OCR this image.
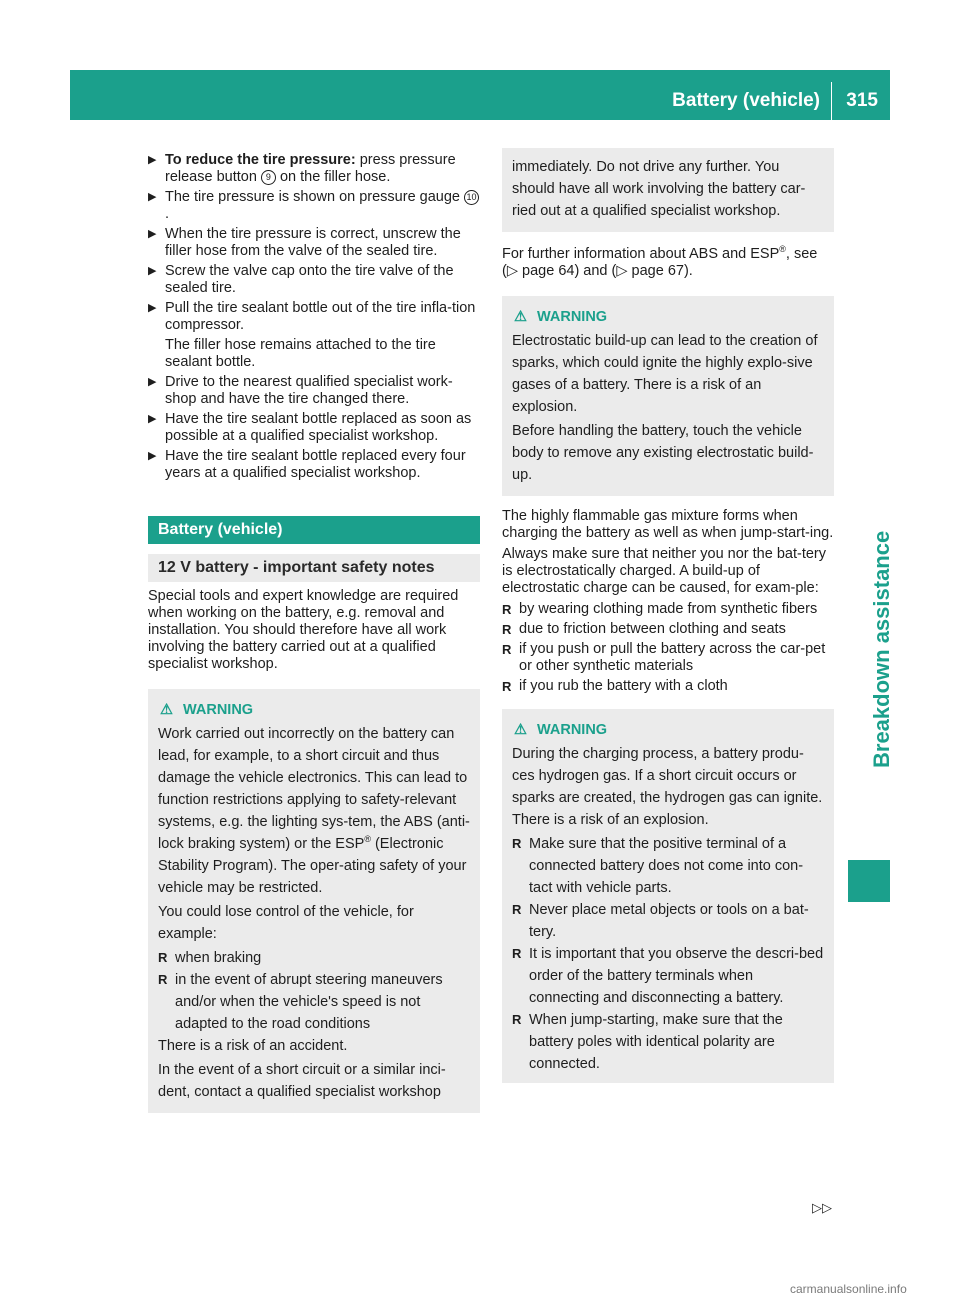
Battery (vehicle) 315
Breakdown assistance
▶ To reduce the tire pressure: press pressure release button 9 on the filler hose.
▶ The tire pressure is shown on pressure gauge 10.
▶ When the tire pressure is correct, unscrew the filler hose from the valve of the sealed tire.
▶ Screw the valve cap onto the tire valve of the sealed tire.
▶ Pull the tire sealant bottle out of the tire infla-tion compressor.
The filler hose remains attached to the tire sealant bottle.
▶ Drive to the nearest qualified specialist work-shop and have the tire changed there.
▶ Have the tire sealant bottle replaced as soon as possible at a qualified specialist workshop.
▶ Have the tire sealant bottle replaced every four years at a qualified specialist workshop.
Battery (vehicle)
12 V battery - important safety notes

Special tools and expert knowledge are required when working on the battery, e.g. removal and installation. You should therefore have all work involving the battery carried out at a qualified specialist workshop.

⚠ WARNING

Work carried out incorrectly on the battery can lead, for example, to a short circuit and thus damage the vehicle electronics. This can lead to function restrictions applying to safety-relevant systems, e.g. the lighting sys-tem, the ABS (anti-lock braking system) or the ESP® (Electronic Stability Program). The oper-ating safety of your vehicle may be restricted.

You could lose control of the vehicle, for example:

R when braking
R in the event of abrupt steering maneuvers and/or when the vehicle's speed is not adapted to the road conditions

There is a risk of an accident.

In the event of a short circuit or a similar inci-dent, contact a qualified specialist workshop

immediately. Do not drive any further. You should have all work involving the battery car-ried out at a qualified specialist workshop.

For further information about ABS and ESP®, see (▷ page 64) and (▷ page 67).

⚠ WARNING

Electrostatic build-up can lead to the creation of sparks, which could ignite the highly explo-sive gases of a battery. There is a risk of an explosion.

Before handling the battery, touch the vehicle body to remove any existing electrostatic build-up.

The highly flammable gas mixture forms when charging the battery as well as when jump-start-ing.

Always make sure that neither you nor the bat-tery is electrostatically charged. A build-up of electrostatic charge can be caused, for exam-ple:

R by wearing clothing made from synthetic fibers
R due to friction between clothing and seats
R if you push or pull the battery across the car-pet or other synthetic materials
R if you rub the battery with a cloth
⚠ WARNING

During the charging process, a battery produ-ces hydrogen gas. If a short circuit occurs or sparks are created, the hydrogen gas can ignite. There is a risk of an explosion.

R Make sure that the positive terminal of a connected battery does not come into con-tact with vehicle parts.
R Never place metal objects or tools on a bat-tery.
R It is important that you observe the descri-bed order of the battery terminals when connecting and disconnecting a battery.
R When jump-starting, make sure that the battery poles with identical polarity are connected.
▷▷
carmanualsonline.info
